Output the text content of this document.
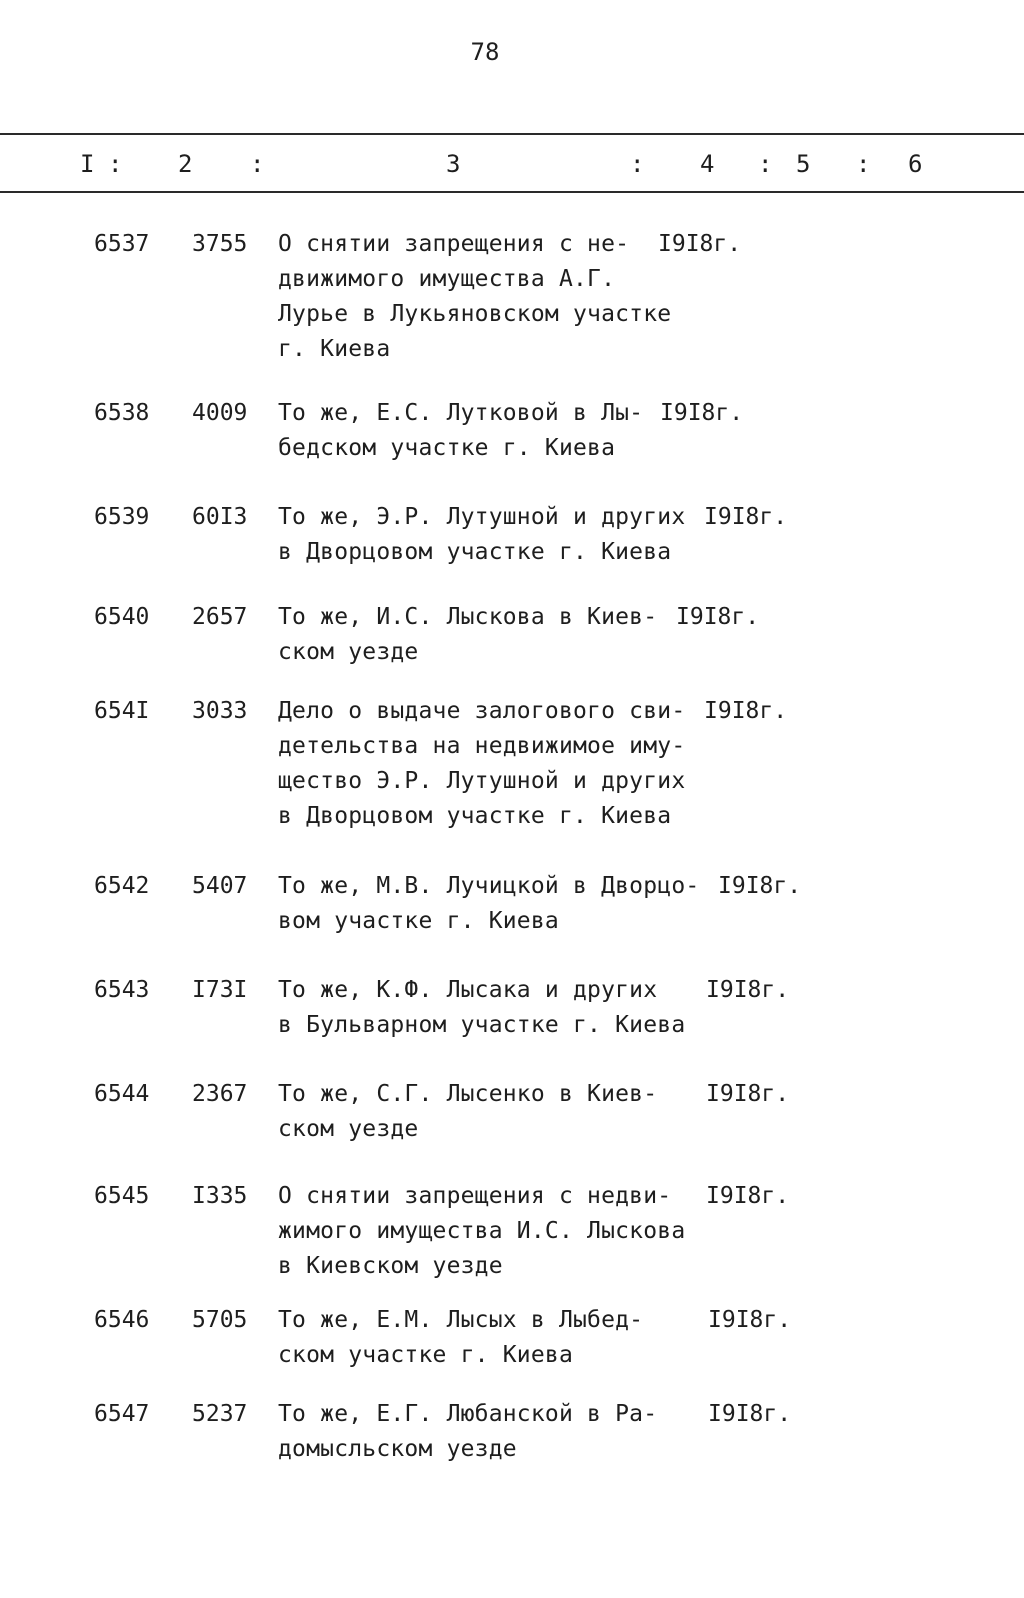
78
I : 2 :	3	: 4 : 5 : 6
6537 3755 О снятии запрещения с не-
движимого имущества А.Г.
Лурье в Лукьяновском участке
г. Киева
I9I8г.
6538 4009 То же, Е.С. Лутковой в Лы-
бедском участке г. Киева
I9I8г.
6539 60I3 То же, Э.Р. Лутушной и других
в Дворцовом участке г. Киева
I9I8г.
6540 2657 То же, И.С. Лыскова в Киев-
ском уезде
I9I8г.
654I 3033 Дело о выдаче залогового сви-
детельства на недвижимое иму-
щество Э.Р. Лутушной и других
в Дворцовом участке г. Киева
I9I8г.
6542 5407 То же, М.В. Лучицкой в Дворцо-
вом участке г. Киева
I9I8г.
6543 I73I То же, К.Ф. Лысака и других
в Бульварном участке г. Киева
I9I8г.
6544 2367 То же, С.Г. Лысенко в Киев-
ском уезде
I9I8г.
6545 I335 О снятии запрещения с недви-
жимого имущества И.С. Лыскова
в Киевском уезде
I9I8г.
6546 5705 То же, Е.М. Лысых в Лыбед-
ском участке г. Киева
I9I8г.
6547 5237 То же, Е.Г. Любанской в Ра-
домысльском уезде
I9I8г.
